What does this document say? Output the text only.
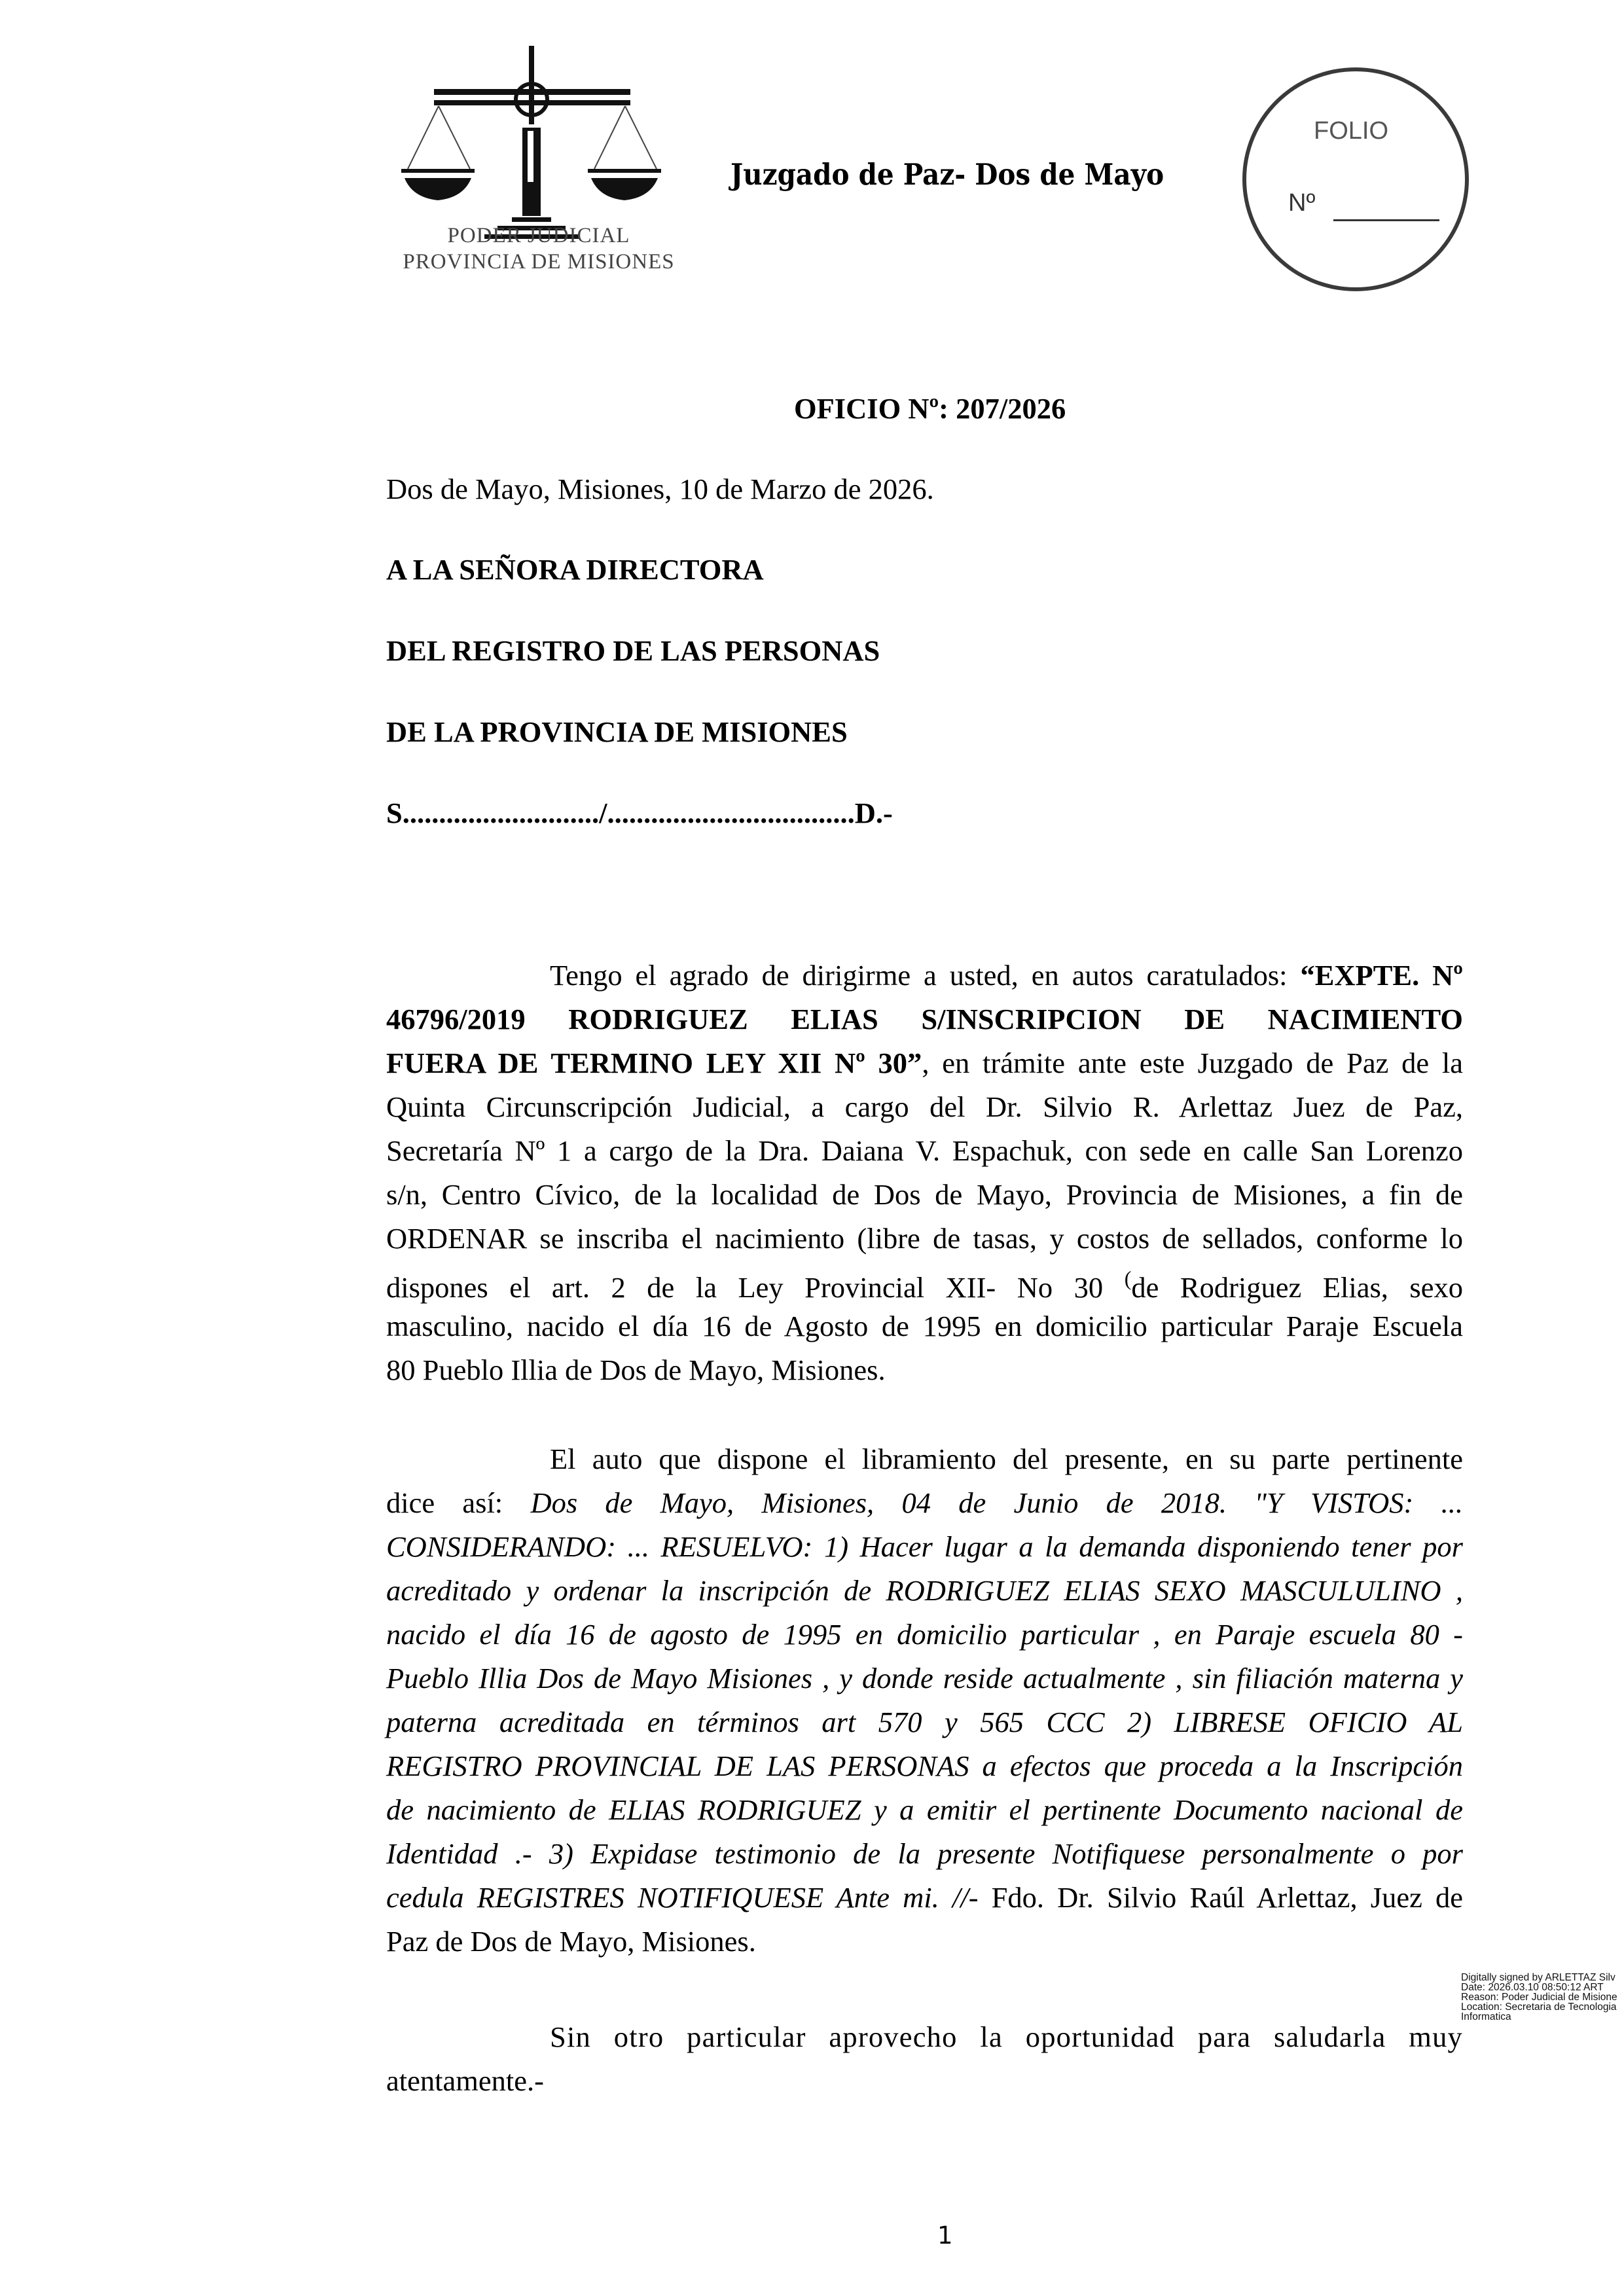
PODER JUDICIAL
PROVINCIA DE MISIONES
Juzgado de Paz- Dos de Mayo
FOLIO
Nº
OFICIO Nº: 207/2026
Dos de Mayo, Misiones, 10 de Marzo de 2026.
A LA SEÑORA DIRECTORA
DEL REGISTRO DE LAS PERSONAS
DE LA PROVINCIA DE MISIONES
S.........................../..................................D.-
Tengo el agrado de dirigirme a usted, en autos caratulados: “EXPTE. Nº
46796/2019 RODRIGUEZ ELIAS S/INSCRIPCION DE NACIMIENTO
FUERA DE TERMINO LEY XII Nº 30”, en trámite ante este Juzgado de Paz de la
Quinta Circunscripción Judicial, a cargo del Dr. Silvio R. Arlettaz Juez de Paz,
Secretaría Nº 1 a cargo de la Dra. Daiana V. Espachuk, con sede en calle San Lorenzo
s/n, Centro Cívico, de la localidad de Dos de Mayo, Provincia de Misiones, a fin de
ORDENAR se inscriba el nacimiento (libre de tasas, y costos de sellados, conforme lo
dispones el art. 2 de la Ley Provincial XII- No 30 (de Rodriguez Elias, sexo
masculino, nacido el día 16 de Agosto de 1995 en domicilio particular Paraje Escuela
80 Pueblo Illia de Dos de Mayo, Misiones.
El auto que dispone el libramiento del presente, en su parte pertinente
dice así: Dos de Mayo, Misiones, 04 de Junio de 2018. "Y VISTOS: ...
CONSIDERANDO: ... RESUELVO: 1) Hacer lugar a la demanda disponiendo tener por
acreditado y ordenar la inscripción de RODRIGUEZ ELIAS SEXO MASCULULINO ,
nacido el día 16 de agosto de 1995 en domicilio particular , en Paraje escuela 80 -
Pueblo Illia Dos de Mayo Misiones , y donde reside actualmente , sin filiación materna y
paterna acreditada en términos art 570 y 565 CCC 2) LIBRESE OFICIO AL
REGISTRO PROVINCIAL DE LAS PERSONAS a efectos que proceda a la Inscripción
de nacimiento de ELIAS RODRIGUEZ y a emitir el pertinente Documento nacional de
Identidad .- 3) Expidase testimonio de la presente Notifiquese personalmente o por
cedula REGISTRES NOTIFIQUESE Ante mi. //- Fdo. Dr. Silvio Raúl Arlettaz, Juez de
Paz de Dos de Mayo, Misiones.
Sin otro particular aprovecho la oportunidad para saludarla muy
atentamente.-
Digitally signed by ARLETTAZ Silv
Date: 2026.03.10 08:50:12 ART
Reason: Poder Judicial de Misione
Location: Secretaria de Tecnologia
Informatica
1
